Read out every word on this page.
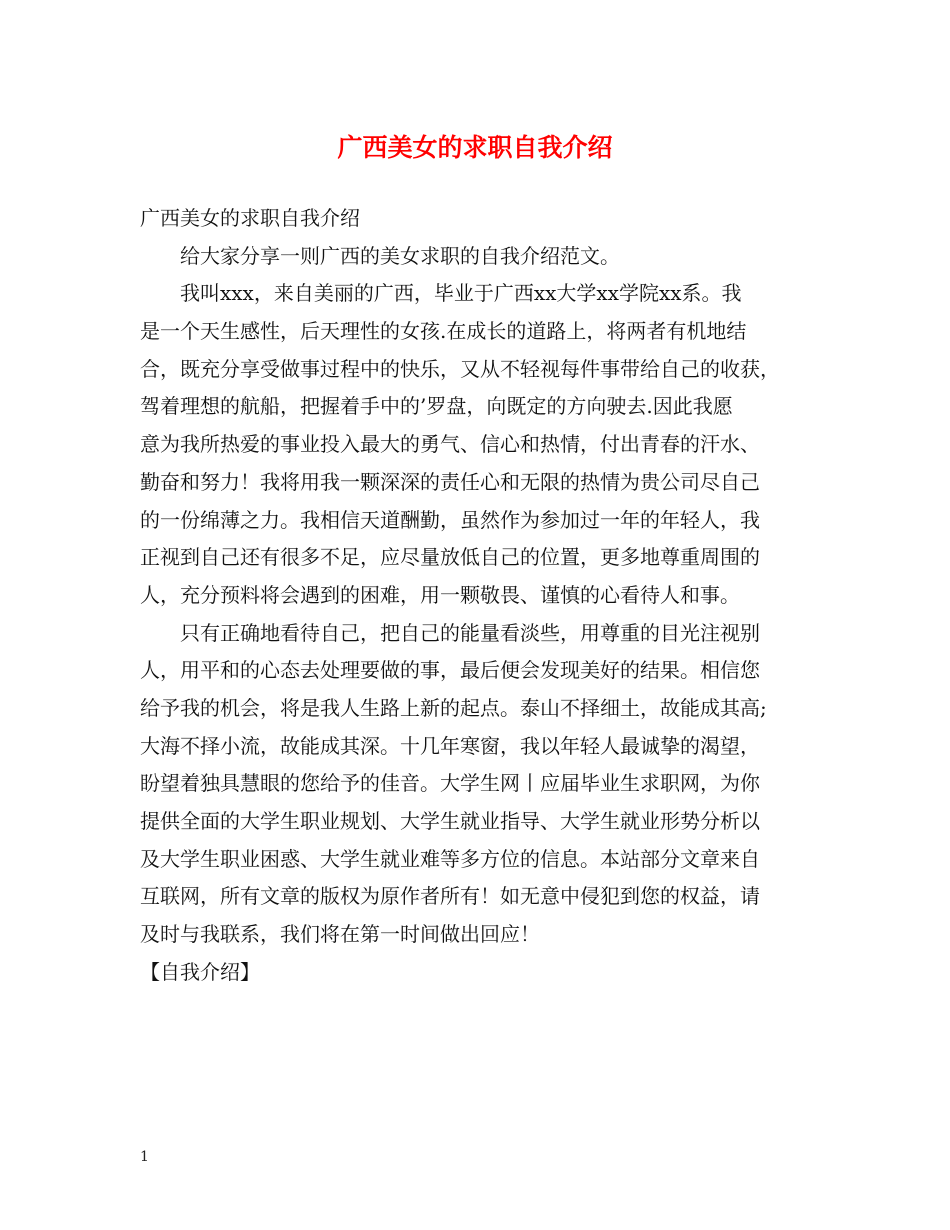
广西美女的求职自我介绍
广西美女的求职自我介绍
给大家分享一则广西的美女求职的自我介绍范文。
我叫xxx，来自美丽的广西，毕业于广西xx大学xx学院xx系。我
是一个天生感性，后天理性的女孩.在成长的道路上，将两者有机地结
合，既充分享受做事过程中的快乐，又从不轻视每件事带给自己的收获，
驾着理想的航船，把握着手中的’罗盘，向既定的方向驶去.因此我愿
意为我所热爱的事业投入最大的勇气、信心和热情，付出青春的汗水、
勤奋和努力！我将用我一颗深深的责任心和无限的热情为贵公司尽自己
的一份绵薄之力。我相信天道酬勤，虽然作为参加过一年的年轻人，我
正视到自己还有很多不足，应尽量放低自己的位置，更多地尊重周围的
人，充分预料将会遇到的困难，用一颗敬畏、谨慎的心看待人和事。
只有正确地看待自己，把自己的能量看淡些，用尊重的目光注视别
人，用平和的心态去处理要做的事，最后便会发现美好的结果。相信您
给予我的机会，将是我人生路上新的起点。泰山不择细土，故能成其高;
大海不择小流，故能成其深。十几年寒窗，我以年轻人最诚挚的渴望，
盼望着独具慧眼的您给予的佳音。大学生网丨应届毕业生求职网，为你
提供全面的大学生职业规划、大学生就业指导、大学生就业形势分析以
及大学生职业困惑、大学生就业难等多方位的信息。本站部分文章来自
互联网，所有文章的版权为原作者所有！如无意中侵犯到您的权益，请
及时与我联系，我们将在第一时间做出回应！
【自我介绍】
1
